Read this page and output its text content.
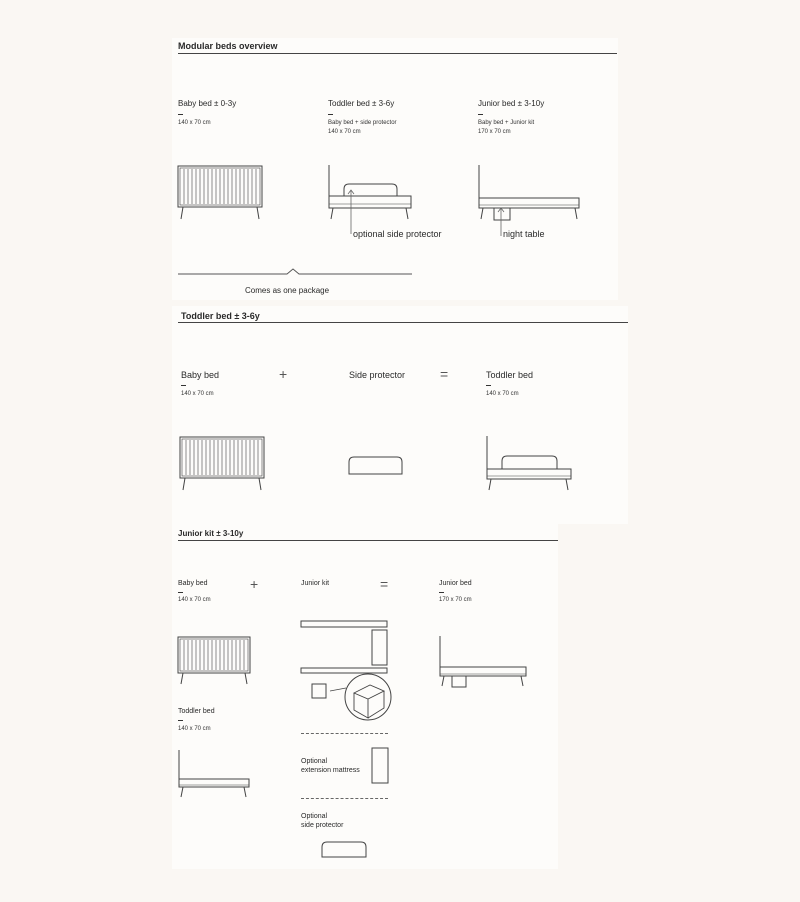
Modular beds overview
Baby bed ± 0-3y
140 x 70 cm
Toddler bed ± 3-6y
Baby bed + side protector
140 x 70 cm
Junior bed ± 3-10y
Baby bed + Junior kit
170 x 70 cm
optional side protector	night table
Comes as one package
Toddler bed ± 3-6y
Baby bed
140 x 70 cm
+	Side protector =	Toddler bed
140 x 70 cm
Junior kit ± 3-10y
Baby bed
140 x 70 cm
+	Junior kit	=	Junior bed
170 x 70 cm
Toddler bed
140 x 70 cm
Optional
extension mattress
Optional
side protector
